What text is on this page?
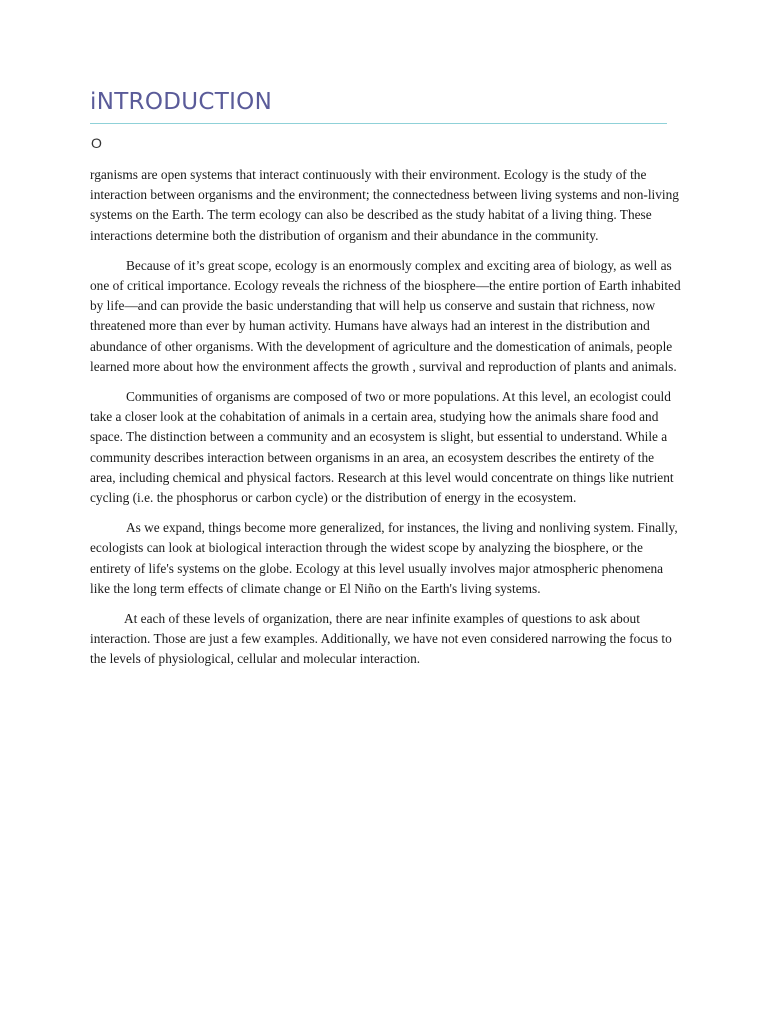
iNTRODUCTION
O

rganisms are open systems that interact continuously with their environment. Ecology is the study of the interaction between organisms and the environment; the connectedness between living systems and non-living systems on the Earth. The term ecology can also be described as the study habitat of a living thing. These interactions determine both the distribution of organism and their abundance in the community.

Because of it’s great scope, ecology is an enormously complex and exciting area of biology, as well as one of critical importance. Ecology reveals the richness of the biosphere—the entire portion of Earth inhabited by life—and can provide the basic understanding that will help us conserve and sustain that richness, now threatened more than ever by human activity. Humans have always had an interest in the distribution and abundance of other organisms. With the development of agriculture and the domestication of animals, people learned more about how the environment affects the growth , survival and reproduction of plants and animals.

Communities of organisms are composed of two or more populations. At this level, an ecologist could take a closer look at the cohabitation of animals in a certain area, studying how the animals share food and space. The distinction between a community and an ecosystem is slight, but essential to understand. While a community describes interaction between organisms in an area, an ecosystem describes the entirety of the area, including chemical and physical factors. Research at this level would concentrate on things like nutrient cycling (i.e. the phosphorus or carbon cycle) or the distribution of energy in the ecosystem.

As we expand, things become more generalized, for instances, the living and nonliving system. Finally, ecologists can look at biological interaction through the widest scope by analyzing the biosphere, or the entirety of life's systems on the globe. Ecology at this level usually involves major atmospheric phenomena like the long term effects of climate change or El Niño on the Earth's living systems.

At each of these levels of organization, there are near infinite examples of questions to ask about interaction. Those are just a few examples. Additionally, we have not even considered narrowing the focus to the levels of physiological, cellular and molecular interaction.
